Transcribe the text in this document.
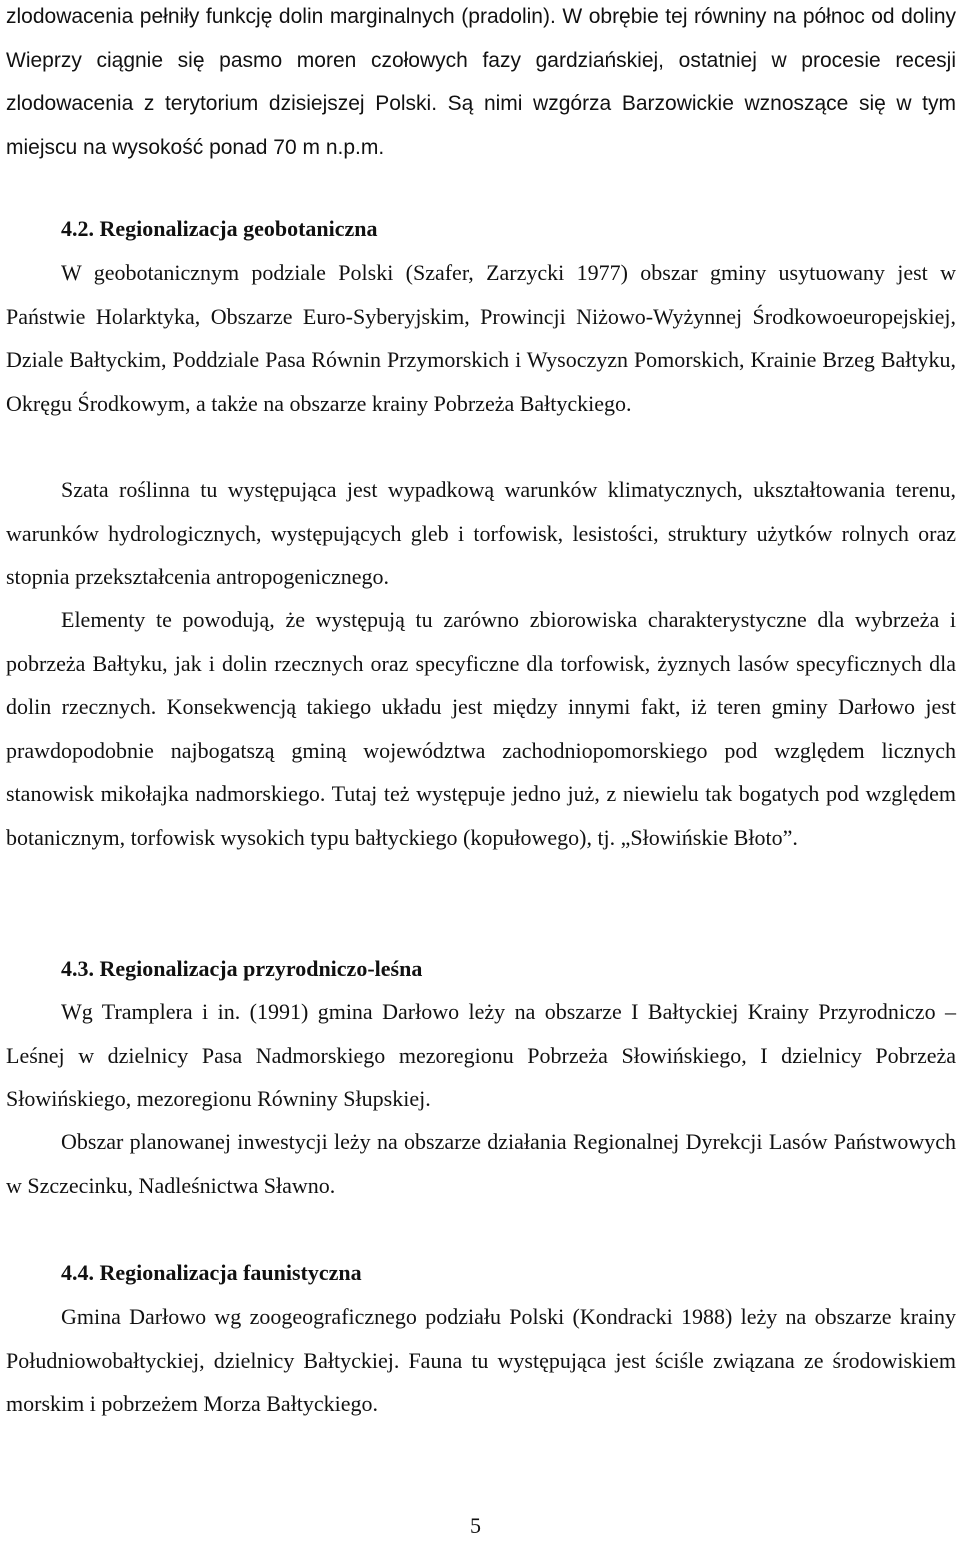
zlodowacenia pełniły funkcję dolin marginalnych (pradolin). W obrębie tej równiny na północ od doliny Wieprzy ciągnie się pasmo moren czołowych fazy gardziańskiej, ostatniej w procesie recesji zlodowacenia z terytorium dzisiejszej Polski. Są nimi wzgórza Barzowickie wznoszące się w tym miejscu na wysokość ponad 70 m n.p.m.

4.2. Regionalizacja geobotaniczna

W geobotanicznym podziale Polski (Szafer, Zarzycki 1977) obszar gminy usytuowany jest w Państwie Holarktyka, Obszarze Euro-Syberyjskim, Prowincji Niżowo-Wyżynnej Środkowoeuropejskiej, Dziale Bałtyckim, Poddziale Pasa Równin Przymorskich i Wysoczyzn Pomorskich, Krainie Brzeg Bałtyku, Okręgu Środkowym, a także na obszarze krainy Pobrzeża Bałtyckiego.

Szata roślinna tu występująca jest wypadkową warunków klimatycznych, ukształtowania terenu, warunków hydrologicznych, występujących gleb i torfowisk, lesistości, struktury użytków rolnych oraz stopnia przekształcenia antropogenicznego.

Elementy te powodują, że występują tu zarówno zbiorowiska charakterystyczne dla wybrzeża i pobrzeża Bałtyku, jak i dolin rzecznych oraz specyficzne dla torfowisk, żyznych lasów specyficznych dla dolin rzecznych. Konsekwencją takiego układu jest między innymi fakt, iż teren gminy Darłowo jest prawdopodobnie najbogatszą gminą województwa zachodniopomorskiego pod względem licznych stanowisk mikołajka nadmorskiego. Tutaj też występuje jedno już, z niewielu tak bogatych pod względem botanicznym, torfowisk wysokich typu bałtyckiego (kopułowego), tj. „Słowińskie Błoto”.

4.3. Regionalizacja przyrodniczo-leśna

Wg Tramplera i in. (1991) gmina Darłowo leży na obszarze I Bałtyckiej Krainy Przyrodniczo – Leśnej w dzielnicy Pasa Nadmorskiego mezoregionu Pobrzeża Słowińskiego, I dzielnicy Pobrzeża Słowińskiego, mezoregionu Równiny Słupskiej.

Obszar planowanej inwestycji leży na obszarze działania Regionalnej Dyrekcji Lasów Państwowych w Szczecinku, Nadleśnictwa Sławno.

4.4. Regionalizacja faunistyczna

Gmina Darłowo wg zoogeograficznego podziału Polski (Kondracki 1988) leży na obszarze krainy Południowobałtyckiej, dzielnicy Bałtyckiej. Fauna tu występująca jest ściśle związana ze środowiskiem morskim i pobrzeżem Morza Bałtyckiego.

5
